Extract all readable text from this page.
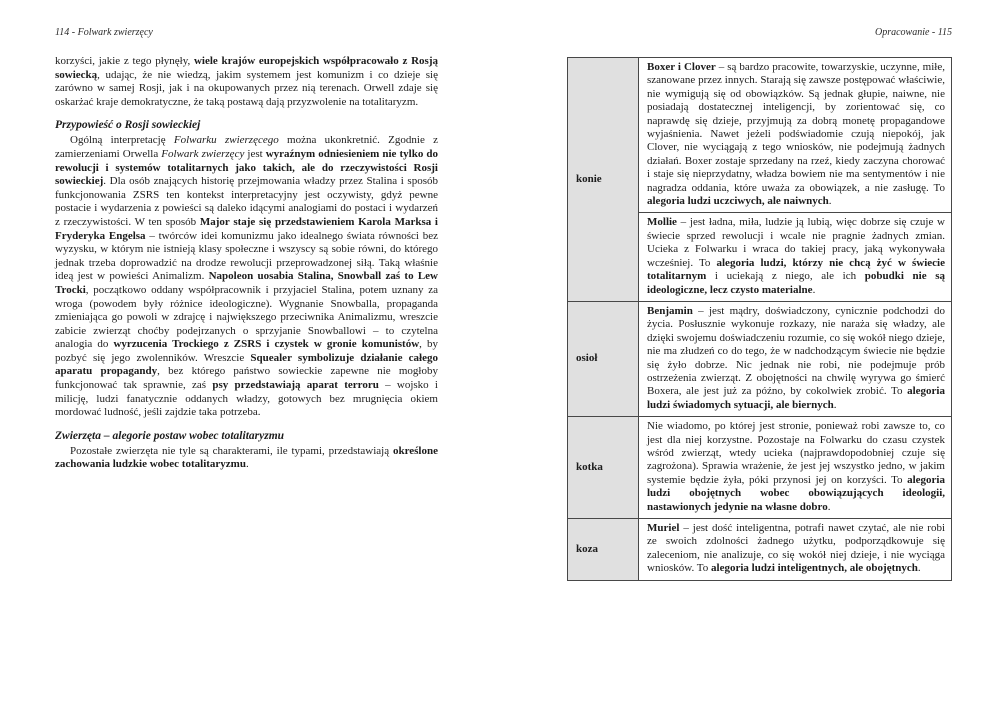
114 - Folwark zwierzęcy	Opracowanie - 115

korzyści, jakie z tego płynęły, wiele krajów europejskich współpracowało z Rosją sowiecką, udając, że nie wiedzą, jakim systemem jest komunizm i co dzieje się zarówno w samej Rosji, jak i na okupowanych przez nią terenach. Orwell zdaje się oskarżać kraje demokratyczne, że taką postawą dają przyzwolenie na totalitaryzm.

Przypowieść o Rosji sowieckiej

Ogólną interpretację Folwarku zwierzęcego można ukonkretnić. Zgodnie z zamierzeniami Orwella Folwark zwierzęcy jest wyraźnym odniesieniem nie tylko do rewolucji i systemów totalitarnych jako takich, ale do rzeczywistości Rosji sowieckiej. Dla osób znających historię przejmowania władzy przez Stalina i sposób funkcjonowania ZSRS ten kontekst interpretacyjny jest oczywisty, gdyż pewne postacie i wydarzenia z powieści są daleko idącymi analogiami do postaci i wydarzeń z rzeczywistości. W ten sposób Major staje się przedstawieniem Karola Marksa i Fryderyka Engelsa – twórców idei komunizmu jako idealnego świata równości bez wyzysku, w którym nie istnieją klasy społeczne i wszyscy są sobie równi, do którego jednak trzeba doprowadzić na drodze rewolucji przeprowadzonej siłą. Taką właśnie ideą jest w powieści Animalizm. Napoleon uosabia Stalina, Snowball zaś to Lew Trocki, początkowo oddany współpracownik i przyjaciel Stalina, potem uznany za wroga (powodem były różnice ideologiczne). Wygnanie Snowballa, propaganda zmieniająca go powoli w zdrajcę i największego przeciwnika Animalizmu, wreszcie zabicie zwierząt choćby podejrzanych o sprzyjanie Snowballowi – to czytelna analogia do wyrzucenia Trockiego z ZSRS i czystek w gronie komunistów, by pozbyć się jego zwolenników. Wreszcie Squealer symbolizuje działanie całego aparatu propagandy, bez którego państwo sowieckie zapewne nie mogłoby funkcjonować tak sprawnie, zaś psy przedstawiają aparat terroru – wojsko i milicję, ludzi fanatycznie oddanych władzy, gotowych bez mrugnięcia okiem mordować ludność, jeśli zajdzie taka potrzeba.

Zwierzęta – alegorie postaw wobec totalitaryzmu

Pozostałe zwierzęta nie tyle są charakterami, ile typami, przedstawiają określone zachowania ludzkie wobec totalitaryzmu.

konie
Boxer i Clover – są bardzo pracowite, towarzyskie, uczynne, miłe, szanowane przez innych. Starają się zawsze postępować właściwie, nie wymigują się od obowiązków. Są jednak głupie, naiwne, nie posiadają dostatecznej inteligencji, by zorientować się, co naprawdę się dzieje, przyjmują za dobrą monetę propagandowe wyjaśnienia. Nawet jeżeli podświadomie czują niepokój, jak Clover, nie wyciągają z tego wniosków, nie podejmują żadnych działań. Boxer zostaje sprzedany na rzeź, kiedy zaczyna chorować i staje się nieprzydatny, władza bowiem nie ma sentymentów i nie nagradza oddania, które uważa za obowiązek, a nie zasługę. To alegoria ludzi uczciwych, ale naiwnych.
Mollie – jest ładna, miła, ludzie ją lubią, więc dobrze się czuje w świecie sprzed rewolucji i wcale nie pragnie żadnych zmian. Ucieka z Folwarku i wraca do takiej pracy, jaką wykonywała wcześniej. To alegoria ludzi, którzy nie chcą żyć w świecie totalitarnym i uciekają z niego, ale ich pobudki nie są ideologiczne, lecz czysto materialne.
osioł
Benjamin – jest mądry, doświadczony, cynicznie podchodzi do życia. Posłusznie wykonuje rozkazy, nie naraża się władzy, ale dzięki swojemu doświadczeniu rozumie, co się wokół niego dzieje, nie ma złudzeń co do tego, że w nadchodzącym świecie nie będzie się żyło dobrze. Nic jednak nie robi, nie podejmuje prób ostrzeżenia zwierząt. Z obojętności na chwilę wyrywa go śmierć Boxera, ale jest już za późno, by cokolwiek zrobić. To alegoria ludzi świadomych sytuacji, ale biernych.
kotka
Nie wiadomo, po której jest stronie, ponieważ robi zawsze to, co jest dla niej korzystne. Pozostaje na Folwarku do czasu czystek wśród zwierząt, wtedy ucieka (najprawdopodobniej czuje się zagrożona). Sprawia wrażenie, że jest jej wszystko jedno, w jakim systemie będzie żyła, póki przynosi jej on korzyści. To alegoria ludzi obojętnych wobec obowiązujących ideologii, nastawionych jedynie na własne dobro.
koza
Muriel – jest dość inteligentna, potrafi nawet czytać, ale nie robi ze swoich zdolności żadnego użytku, podporządkowuje się zaleceniom, nie analizuje, co się wokół niej dzieje, i nie wyciąga wniosków. To alegoria ludzi inteligentnych, ale obojętnych.
